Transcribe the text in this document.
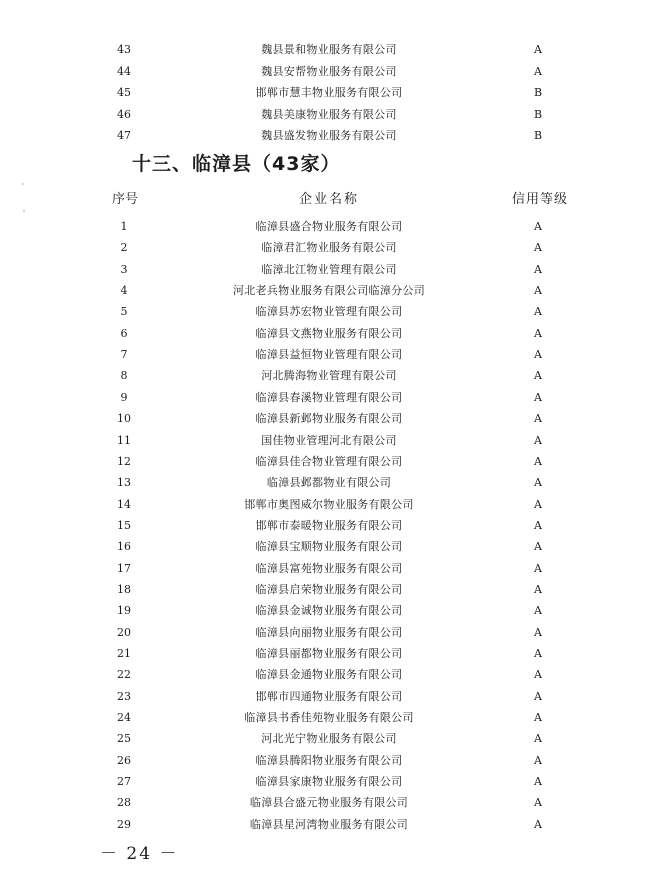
43	魏县景和物业服务有限公司	A
44	魏县安帮物业服务有限公司	A
45	邯郸市慧丰物业服务有限公司	B
46	魏县美康物业服务有限公司	B
47	魏县盛发物业服务有限公司	B
十三、临漳县（43家）
序号	企业名称	信用等级
1	临漳县盛合物业服务有限公司	A
2	临漳君汇物业服务有限公司	A
3	临漳北江物业管理有限公司	A
4	河北老兵物业服务有限公司临漳分公司	A
5	临漳县苏宏物业管理有限公司	A
6	临漳县文燕物业服务有限公司	A
7	临漳县益恒物业管理有限公司	A
8	河北腾海物业管理有限公司	A
9	临漳县春溪物业管理有限公司	A
10	临漳县新邺物业服务有限公司	A
11	国佳物业管理河北有限公司	A
12	临漳县佳合物业管理有限公司	A
13	临漳县邺都物业有限公司	A
14	邯郸市奥图威尔物业服务有限公司	A
15	邯郸市泰暖物业服务有限公司	A
16	临漳县宝顺物业服务有限公司	A
17	临漳县富苑物业服务有限公司	A
18	临漳县启荣物业服务有限公司	A
19	临漳县金诚物业服务有限公司	A
20	临漳县向丽物业服务有限公司	A
21	临漳县丽都物业服务有限公司	A
22	临漳县金通物业服务有限公司	A
23	邯郸市四通物业服务有限公司	A
24	临漳县书香佳苑物业服务有限公司	A
25	河北光宁物业服务有限公司	A
26	临漳县腾阳物业服务有限公司	A
27	临漳县家康物业服务有限公司	A
28	临漳县合盛元物业服务有限公司	A
29	临漳县星河湾物业服务有限公司	A
－ 24 －
